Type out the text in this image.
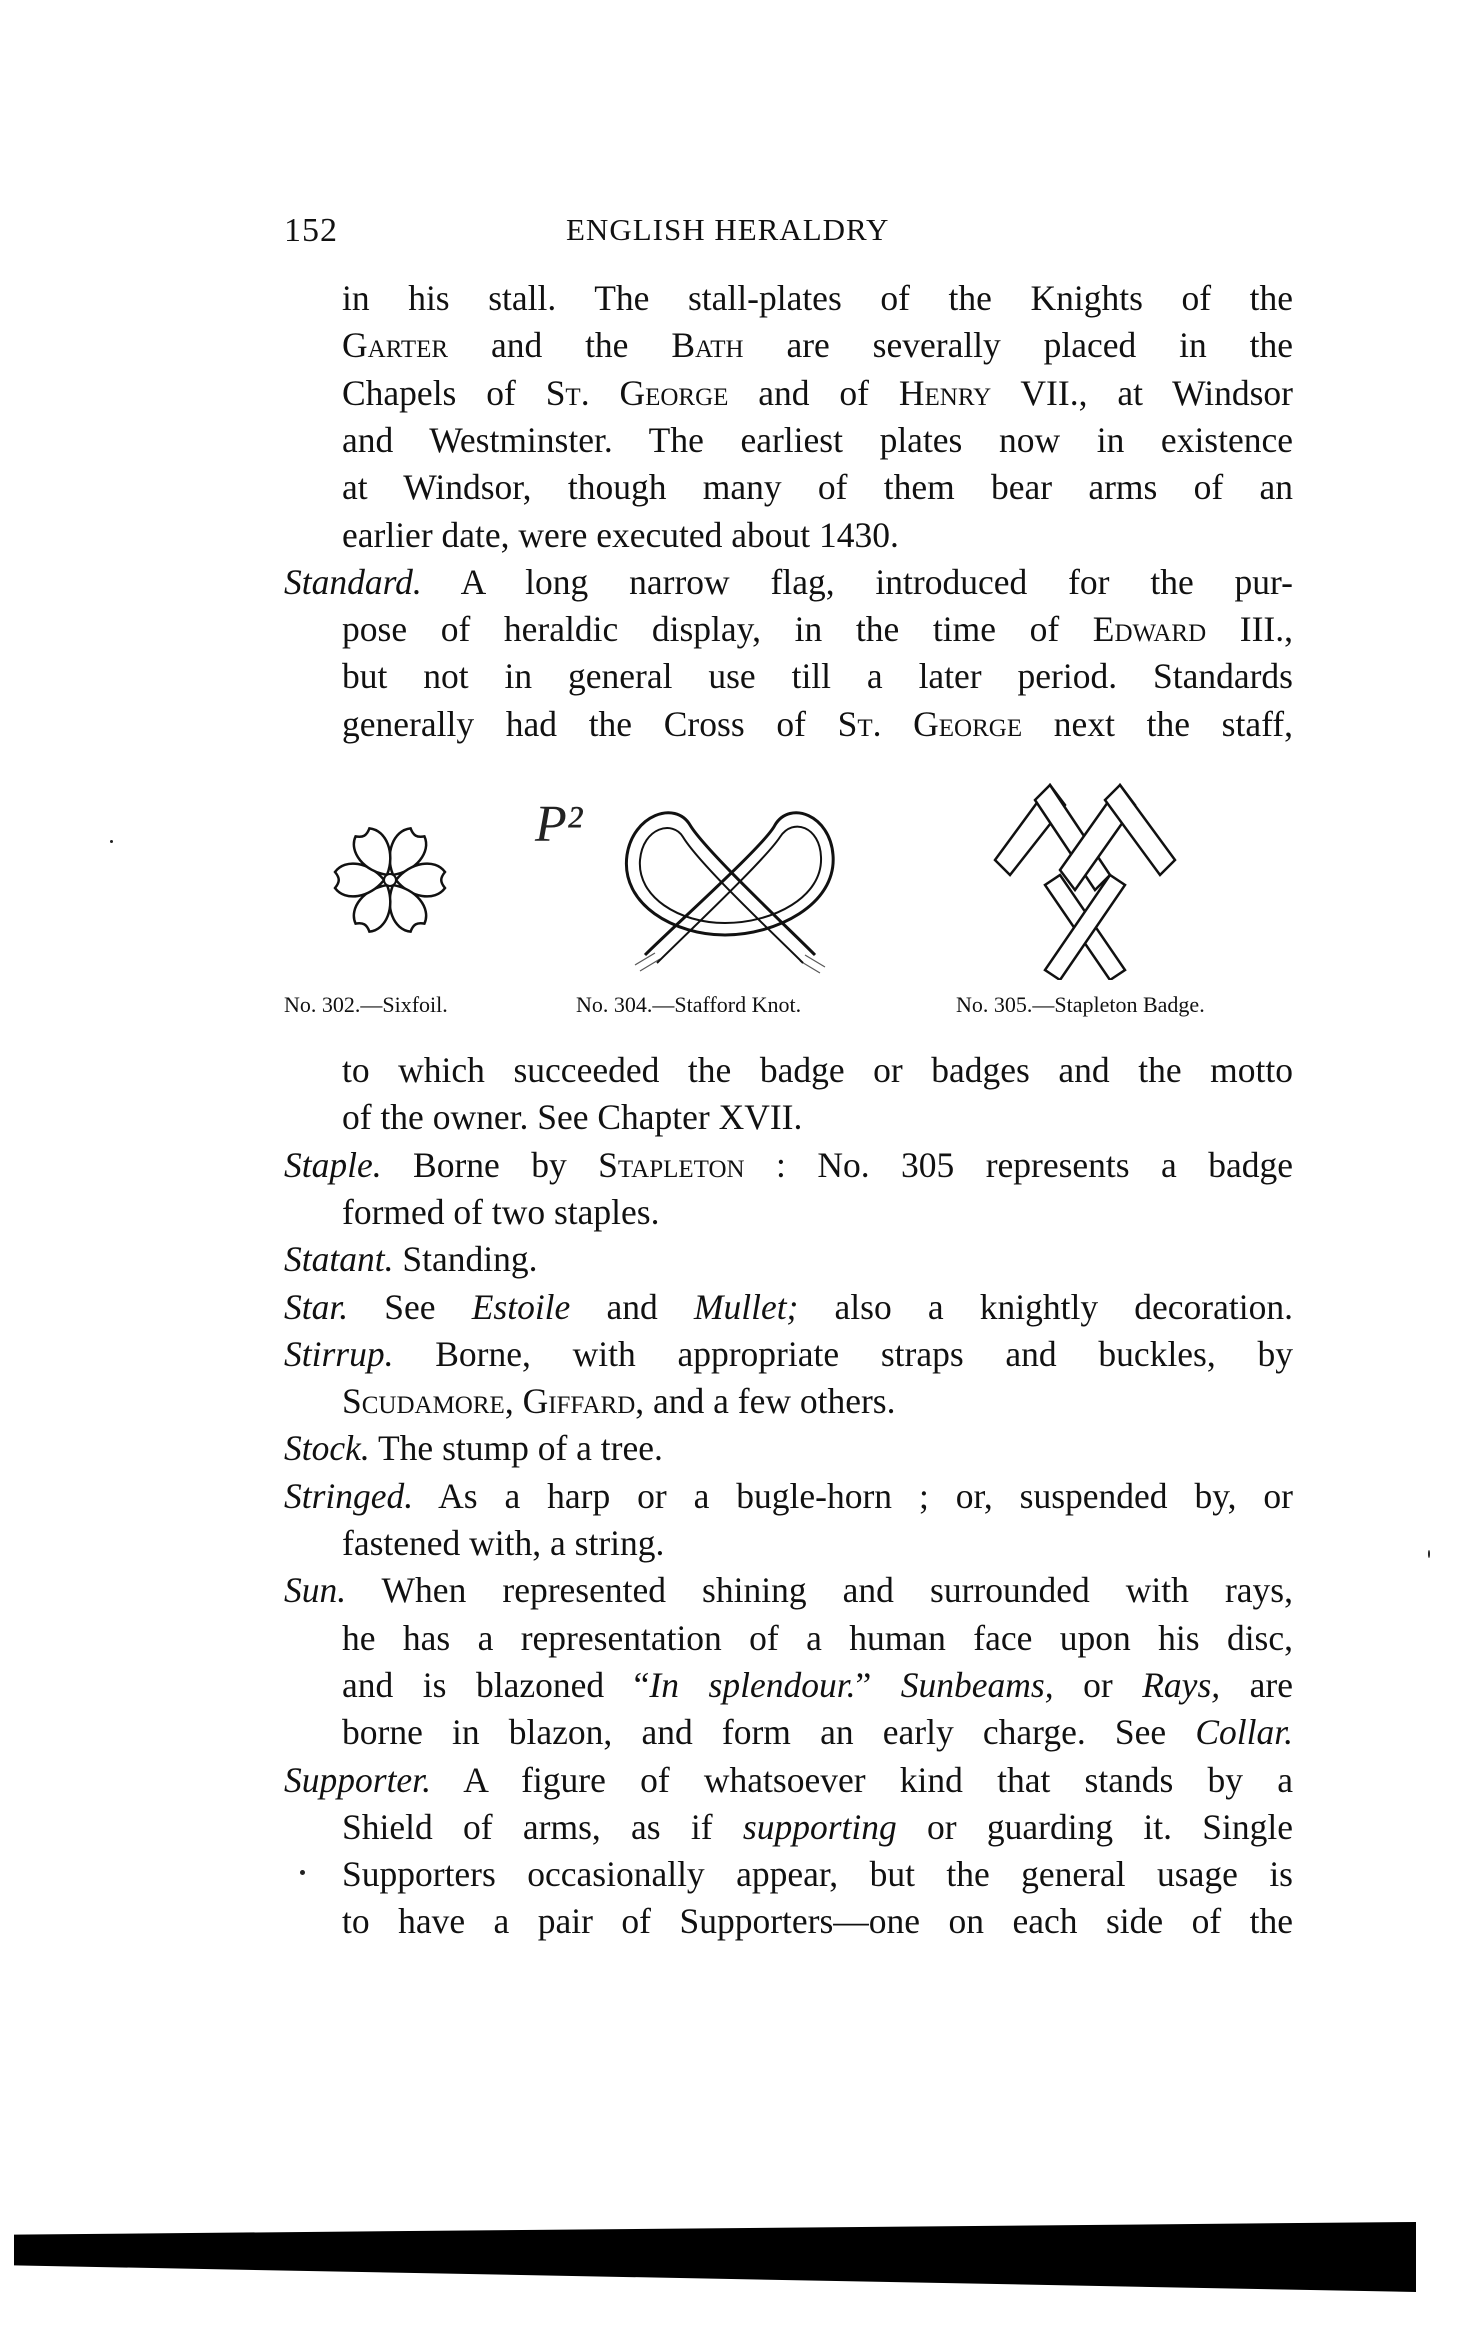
152	ENGLISH HERALDRY
in his stall. The stall-plates of the Knights of the
Garter and the Bath are severally placed in the
Chapels of St. George and of Henry VII., at Windsor
and Westminster. The earliest plates now in existence
at Windsor, though many of them bear arms of an
earlier date, were executed about 1430.
Standard. A long narrow flag, introduced for the pur-
pose of heraldic display, in the time of Edward III.,
but not in general use till a later period. Standards
generally had the Cross of St. George next the staff,
P²
No. 302.—Sixfoil.	No. 304.—Stafford Knot.	No. 305.—Stapleton Badge.
to which succeeded the badge or badges and the motto
of the owner. See Chapter XVII.
Staple. Borne by Stapleton : No. 305 represents a badge
formed of two staples.
Statant. Standing.
Star. See Estoile and Mullet; also a knightly decoration.
Stirrup. Borne, with appropriate straps and buckles, by
Scudamore, Giffard, and a few others.
Stock. The stump of a tree.
Stringed. As a harp or a bugle-horn ; or, suspended by, or
fastened with, a string.
Sun. When represented shining and surrounded with rays,
he has a representation of a human face upon his disc,
and is blazoned “In splendour.” Sunbeams, or Rays, are
borne in blazon, and form an early charge. See Collar.
Supporter. A figure of whatsoever kind that stands by a
Shield of arms, as if supporting or guarding it. Single
Supporters occasionally appear, but the general usage is
to have a pair of Supporters—one on each side of the
